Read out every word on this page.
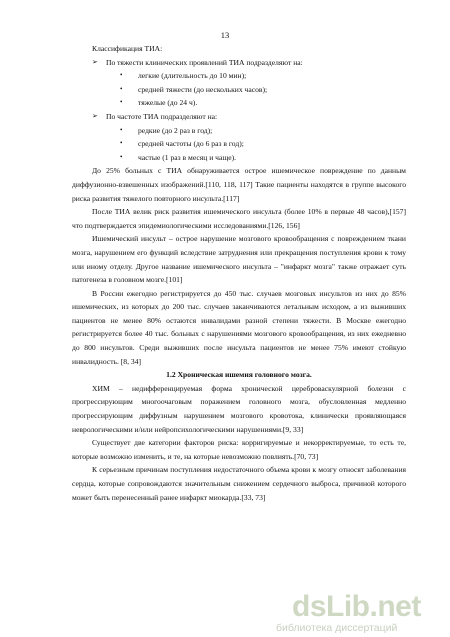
13

Классификация ТИА:

➢	По тяжести клинических проявлений ТИА подразделяют на:
•	легкие (длительность до 10 мин);
•	средней тяжести (до нескольких часов);
•	тяжелые (до 24 ч).
➢	По частоте ТИА подразделяют на:
•	редкие (до 2 раз в год);
•	средней частоты (до 6 раз в год);
•	частые (1 раз в месяц и чаще).

До 25% больных с ТИА обнаруживается острое ишемическое повреждение по данным диффузионно-взвешенных изображений.[110, 118, 117] Такие пациенты находятся в группе высокого риска развития тяжелого повторного инсульта.[117]

После ТИА велик риск развития ишемического инсульта (более 10% в первые 48 часов),[157] что подтверждается эпидемиологическими исследованиями.[126, 156]

Ишемический инсульт – острое нарушение мозгового кровообращения с повреждением ткани мозга, нарушением его функций вследствие затруднения или прекращения поступления крови к тому или иному отделу. Другое название ишемического инсульта – "инфаркт мозга" также отражает суть патогенеза в головном мозге.[101]

В России ежегодно регистрируется до 450 тыс. случаев мозговых инсультов из них до 85% ишемических, из которых до 200 тыс. случаев заканчиваются летальным исходом, а из выживших пациентов не менее 80% остаются инвалидами разной степени тяжести. В Москве ежегодно регистрируется более 40 тыс. больных с нарушениями мозгового кровообращения, из них ежедневно до 800 инсультов. Среди выживших после инсульта пациентов не менее 75% имеют стойкую инвалидность. [8, 34]

1.2 Хроническая ишемия головного мозга.

ХИМ – недифференцируемая форма хронической цереброваскулярной болезни с прогрессирующим многоочаговым поражением головного мозга, обусловленная медленно прогрессирующим диффузным нарушением мозгового кровотока, клинически проявляющаяся неврологическими и/или нейропсихологическими нарушениями.[9, 33]

Существует две категории факторов риска: корригируемые и некорректируемые, то есть те, которые возможно изменить, и те, на которые невозможно повлиять.[70, 73]

К серьезным причинам поступления недостаточного объема крови к мозгу относят заболевания сердца, которые сопровождаются значительным снижением сердечного выброса, причиной которого может быть перенесенный ранее инфаркт миокарда.[33, 73]

dsLib.net
библиотека диссертаций
